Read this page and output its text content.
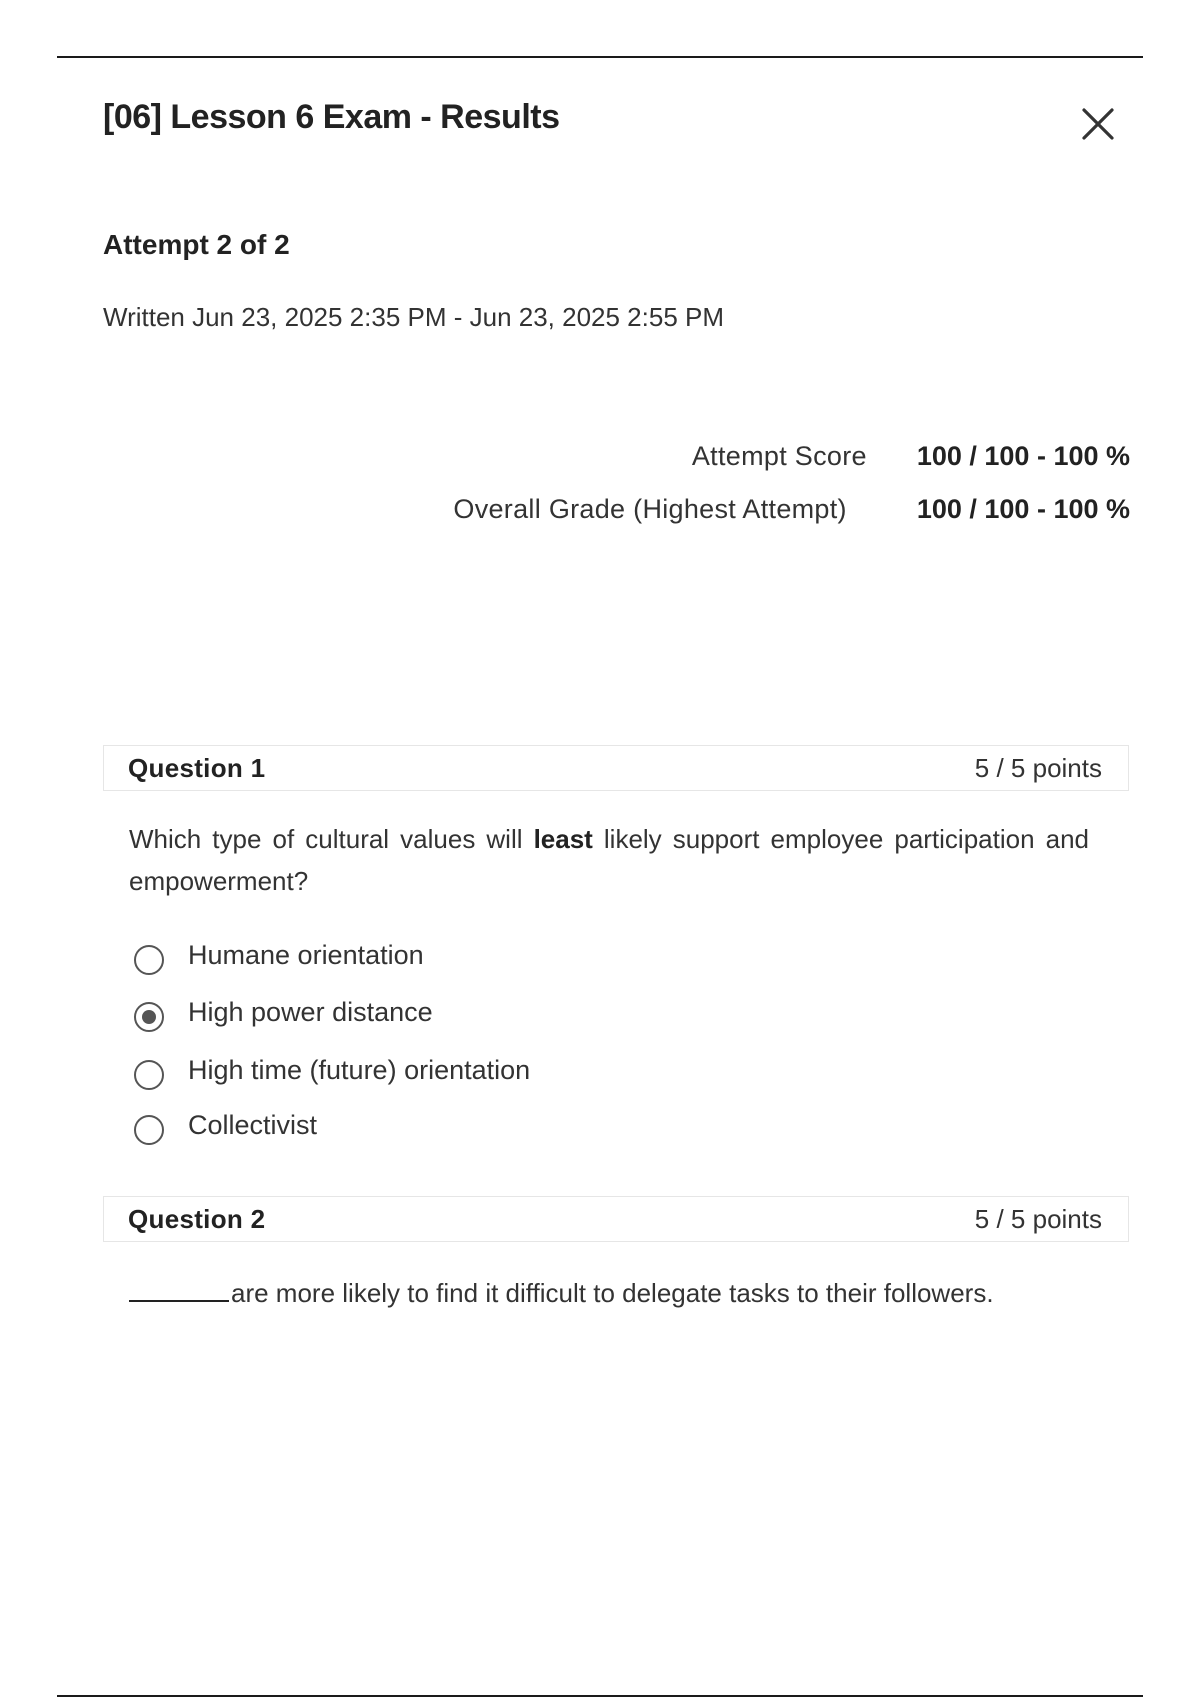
[06] Lesson 6 Exam - Results
Attempt 2 of 2
Written Jun 23, 2025 2:35 PM - Jun 23, 2025 2:55 PM
Attempt Score 100 / 100 - 100 %
Overall Grade (Highest Attempt)	100 / 100 - 100 %
Question 1	5 / 5 points

Which type of cultural values will least likely support employee participation and empowerment?

Humane orientation
High power distance
High time (future) orientation
Collectivist
Question 2	5 / 5 points

are more likely to find it difficult to delegate tasks to their followers.
